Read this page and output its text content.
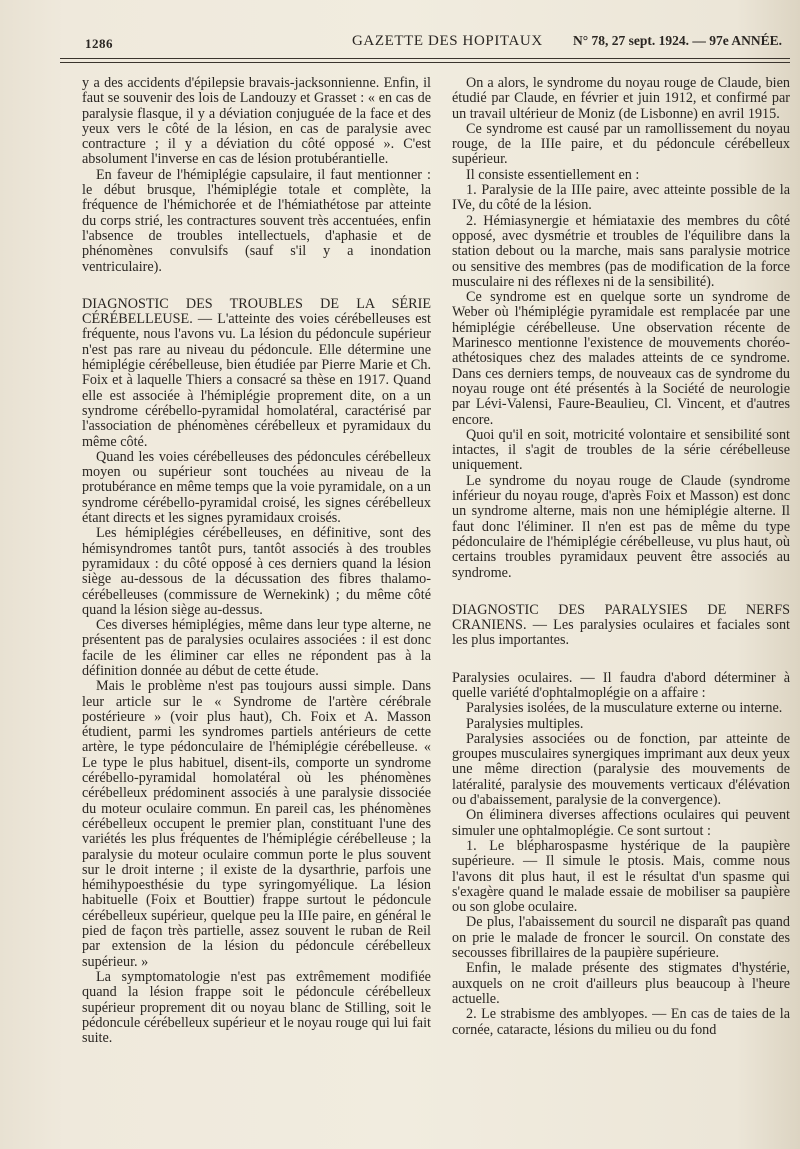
1286	GAZETTE DES HOPITAUX N° 78, 27 sept. 1924. — 97e ANNÉE.

y a des accidents d'épilepsie bravais-jacksonnienne. Enfin, il faut se souvenir des lois de Landouzy et Grasset : « en cas de paralysie flasque, il y a déviation conjuguée de la face et des yeux vers le côté de la lésion, en cas de paralysie avec contracture ; il y a déviation du côté opposé ». C'est absolument l'inverse en cas de lésion protubérantielle.

En faveur de l'hémiplégie capsulaire, il faut mentionner : le début brusque, l'hémiplégie totale et complète, la fréquence de l'hémichorée et de l'hémiathétose par atteinte du corps strié, les contractures souvent très accentuées, enfin l'absence de troubles intellectuels, d'aphasie et de phénomènes convulsifs (sauf s'il y a inondation ventriculaire).

DIAGNOSTIC DES TROUBLES DE LA SÉRIE CÉRÉBELLEUSE. — L'atteinte des voies cérébelleuses est fréquente, nous l'avons vu. La lésion du pédoncule supérieur n'est pas rare au niveau du pédoncule. Elle détermine une hémiplégie cérébelleuse, bien étudiée par Pierre Marie et Ch. Foix et à laquelle Thiers a consacré sa thèse en 1917. Quand elle est associée à l'hémiplégie proprement dite, on a un syndrome cérébello-pyramidal homolatéral, caractérisé par l'association de phénomènes cérébelleux et pyramidaux du même côté.

Quand les voies cérébelleuses des pédoncules cérébelleux moyen ou supérieur sont touchées au niveau de la protubérance en même temps que la voie pyramidale, on a un syndrome cérébello-pyramidal croisé, les signes cérébelleux étant directs et les signes pyramidaux croisés.

Les hémiplégies cérébelleuses, en définitive, sont des hémisyndromes tantôt purs, tantôt associés à des troubles pyramidaux : du côté opposé à ces derniers quand la lésion siège au-dessous de la décussation des fibres thalamo-cérébelleuses (commissure de Wernekink) ; du même côté quand la lésion siège au-dessus.

Ces diverses hémiplégies, même dans leur type alterne, ne présentent pas de paralysies oculaires associées : il est donc facile de les éliminer car elles ne répondent pas à la définition donnée au début de cette étude.

Mais le problème n'est pas toujours aussi simple. Dans leur article sur le « Syndrome de l'artère cérébrale postérieure » (voir plus haut), Ch. Foix et A. Masson étudient, parmi les syndromes partiels antérieurs de cette artère, le type pédonculaire de l'hémiplégie cérébelleuse. « Le type le plus habituel, disent-ils, comporte un syndrome cérébello-pyramidal homolatéral où les phénomènes cérébelleux prédominent associés à une paralysie dissociée du moteur oculaire commun. En pareil cas, les phénomènes cérébelleux occupent le premier plan, constituant l'une des variétés les plus fréquentes de l'hémiplégie cérébelleuse ; la paralysie du moteur oculaire commun porte le plus souvent sur le droit interne ; il existe de la dysarthrie, parfois une hémihypoesthésie du type syringomyélique. La lésion habituelle (Foix et Bouttier) frappe surtout le pédoncule cérébelleux supérieur, quelque peu la IIIe paire, en général le pied de façon très partielle, assez souvent le ruban de Reil par extension de la lésion du pédoncule cérébelleux supérieur. »

La symptomatologie n'est pas extrêmement modifiée quand la lésion frappe soit le pédoncule cérébelleux supérieur proprement dit ou noyau blanc de Stilling, soit le pédoncule cérébelleux supérieur et le noyau rouge qui lui fait suite.

On a alors, le syndrome du noyau rouge de Claude, bien étudié par Claude, en février et juin 1912, et confirmé par un travail ultérieur de Moniz (de Lisbonne) en avril 1915.

Ce syndrome est causé par un ramollissement du noyau rouge, de la IIIe paire, et du pédoncule cérébelleux supérieur.

Il consiste essentiellement en :

1. Paralysie de la IIIe paire, avec atteinte possible de la IVe, du côté de la lésion.

2. Hémiasynergie et hémiataxie des membres du côté opposé, avec dysmétrie et troubles de l'équilibre dans la station debout ou la marche, mais sans paralysie motrice ou sensitive des membres (pas de modification de la force musculaire ni des réflexes ni de la sensibilité).

Ce syndrome est en quelque sorte un syndrome de Weber où l'hémiplégie pyramidale est remplacée par une hémiplégie cérébelleuse. Une observation récente de Marinesco mentionne l'existence de mouvements choréo-athétosiques chez des malades atteints de ce syndrome. Dans ces derniers temps, de nouveaux cas de syndrome du noyau rouge ont été présentés à la Société de neurologie par Lévi-Valensi, Faure-Beaulieu, Cl. Vincent, et d'autres encore.

Quoi qu'il en soit, motricité volontaire et sensibilité sont intactes, il s'agit de troubles de la série cérébelleuse uniquement.

Le syndrome du noyau rouge de Claude (syndrome inférieur du noyau rouge, d'après Foix et Masson) est donc un syndrome alterne, mais non une hémiplégie alterne. Il faut donc l'éliminer. Il n'en est pas de même du type pédonculaire de l'hémiplégie cérébelleuse, vu plus haut, où certains troubles pyramidaux peuvent être associés au syndrome.

DIAGNOSTIC DES PARALYSIES DE NERFS CRANIENS. — Les paralysies oculaires et faciales sont les plus importantes.

Paralysies oculaires. — Il faudra d'abord déterminer à quelle variété d'ophtalmoplégie on a affaire :

Paralysies isolées, de la musculature externe ou interne.

Paralysies multiples.

Paralysies associées ou de fonction, par atteinte de groupes musculaires synergiques imprimant aux deux yeux une même direction (paralysie des mouvements de latéralité, paralysie des mouvements verticaux d'élévation ou d'abaissement, paralysie de la convergence).

On éliminera diverses affections oculaires qui peuvent simuler une ophtalmoplégie. Ce sont surtout :

1. Le blépharospasme hystérique de la paupière supérieure. — Il simule le ptosis. Mais, comme nous l'avons dit plus haut, il est le résultat d'un spasme qui s'exagère quand le malade essaie de mobiliser sa paupière ou son globe oculaire.

De plus, l'abaissement du sourcil ne disparaît pas quand on prie le malade de froncer le sourcil. On constate des secousses fibrillaires de la paupière supérieure.

Enfin, le malade présente des stigmates d'hystérie, auxquels on ne croit d'ailleurs plus beaucoup à l'heure actuelle.

2. Le strabisme des amblyopes. — En cas de taies de la cornée, cataracte, lésions du milieu ou du fond
